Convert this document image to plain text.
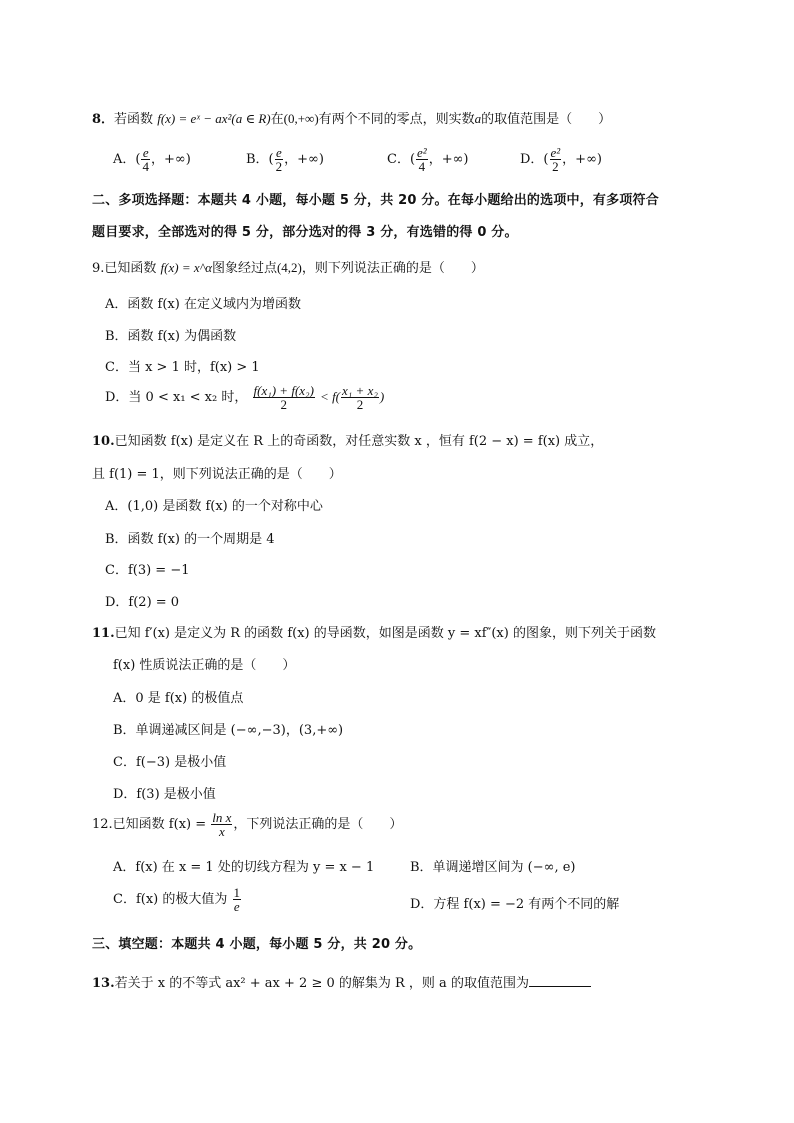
8．若函数 f(x) = eˣ − ax²(a ∈ R)在(0,+∞)有两个不同的零点，则实数a的取值范围是（　　）
A．( $\frac{e}{4}$ ，+∞)	B．( $\frac{e}{2}$ ，+∞)	C．( $\frac{\text{e²}}{4}$ ，+∞)	D．( $\frac{\text{e²}}{2}$ ，+∞)
二、多项选择题：本题共 4 小题，每小题 5 分，共 20 分。在每小题给出的选项中，有多项符合
题目要求，全部选对的得 5 分，部分选对的得 3 分，有选错的得 0 分。
9.已知函数 f(x) = x^α图象经过点(4,2)，则下列说法正确的是（　　）
A．函数 f(x) 在定义域内为增函数
B．函数 f(x) 为偶函数
C．当 x > 1 时，f(x) > 1
D．当 0 < x₁ < x₂ 时， $\frac{\text{f(x₁) + f(x₂)}}{2} < f( \frac{\text{x₁ + x₂}}{2}$ )
10.已知函数 f(x) 是定义在 R 上的奇函数，对任意实数 x ，恒有 f(2 − x) = f(x) 成立，
且 f(1) = 1，则下列说法正确的是（　　）
A．(1,0) 是函数 f(x) 的一个对称中心
B．函数 f(x) 的一个周期是 4
C．f(3) = −1
D．f(2) = 0
11.已知 f′(x) 是定义为 R 的函数 f(x) 的导函数，如图是函数 y = xf″(x) 的图象，则下列关于函数
f(x) 性质说法正确的是（　　）
A．0 是 f(x) 的极值点
B．单调递减区间是 (−∞,−3)，(3,+∞)
C．f(−3) 是极小值
D．f(3) 是极小值
12.已知函数 $f(x) = \frac{\text{ln x}}{x}$ ，下列说法正确的是（　　）
A．f(x) 在 x = 1 处的切线方程为 y = x − 1	B．单调递增区间为 (−∞, e)
C．f(x) 的极大值为 $\frac{1}{e}$	D．方程 f(x) = −2 有两个不同的解
三、填空题：本题共 4 小题，每小题 5 分，共 20 分。
13.若关于 x 的不等式 ax² + ax + 2 ≥ 0 的解集为 R ，则 a 的取值范围为
